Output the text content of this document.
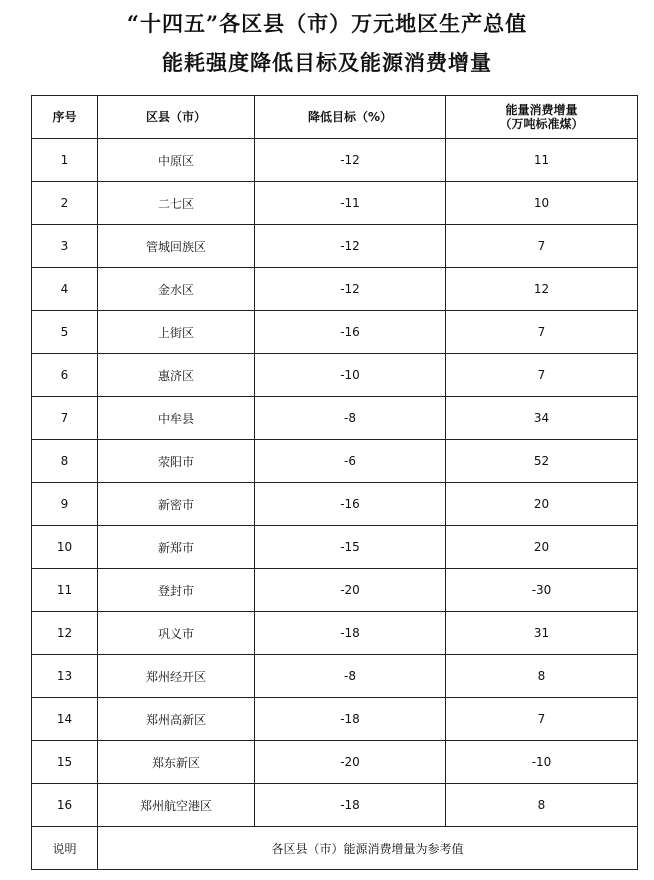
“十四五”各区县（市）万元地区生产总值
能耗强度降低目标及能源消费增量
序号	区县（市）	降低目标（%）	能量消费增量
（万吨标准煤）

1	中原区	-12	11
2	二七区	-11	10
3	管城回族区	-12	7
4	金水区	-12	12
5	上街区	-16	7
6	惠济区	-10	7
7	中牟县	-8	34
8	荥阳市	-6	52
9	新密市	-16	20
10	新郑市	-15	20
11	登封市	-20	-30
12	巩义市	-18	31
13	郑州经开区	-8	8
14	郑州高新区	-18	7
15	郑东新区	-20	-10
16	郑州航空港区	-18	8
说明	各区县（市）能源消费增量为参考值		
